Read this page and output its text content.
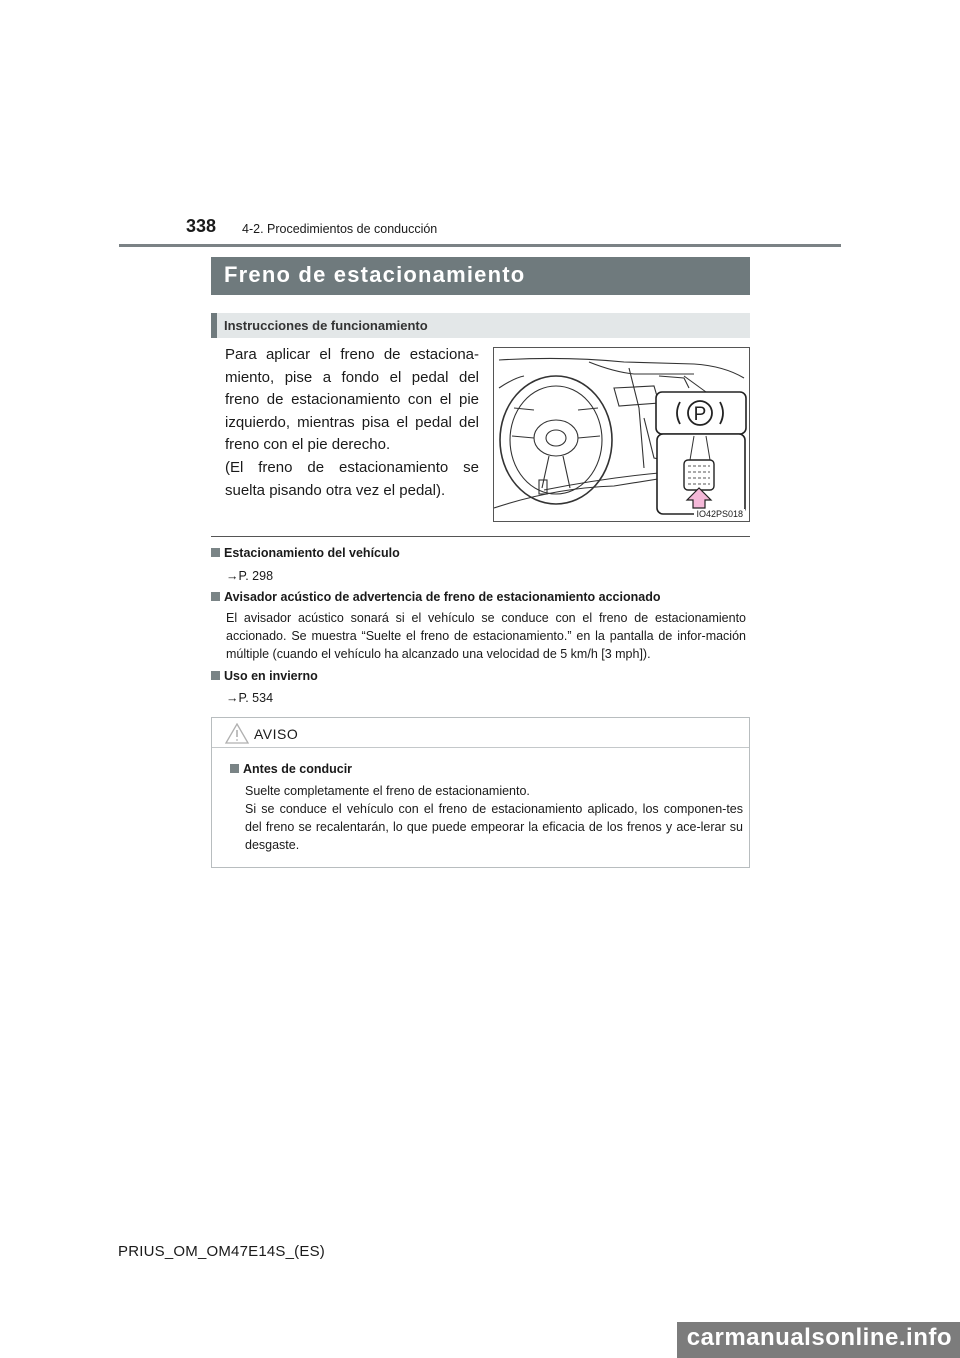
338 4-2. Procedimientos de conducción
Freno de estacionamiento
Instrucciones de funcionamiento

Para aplicar el freno de estaciona-miento, pise a fondo el pedal del freno de estacionamiento con el pie izquierdo, mientras pisa el pedal del freno con el pie derecho.

(El freno de estacionamiento se suelta pisando otra vez el pedal).

P
IO42PS018
Estacionamiento del vehículo
→P. 298
Avisador acústico de advertencia de freno de estacionamiento accionado
El avisador acústico sonará si el vehículo se conduce con el freno de estacionamiento accionado. Se muestra “Suelte el freno de estacionamiento.” en la pantalla de infor-mación múltiple (cuando el vehículo ha alcanzado una velocidad de 5 km/h [3 mph]).
Uso en invierno
→P. 534
AVISO
Antes de conducir
Suelte completamente el freno de estacionamiento.
Si se conduce el vehículo con el freno de estacionamiento aplicado, los componen-tes del freno se recalentarán, lo que puede empeorar la eficacia de los frenos y ace-lerar su desgaste.
PRIUS_OM_OM47E14S_(ES)
carmanualsonline.info
